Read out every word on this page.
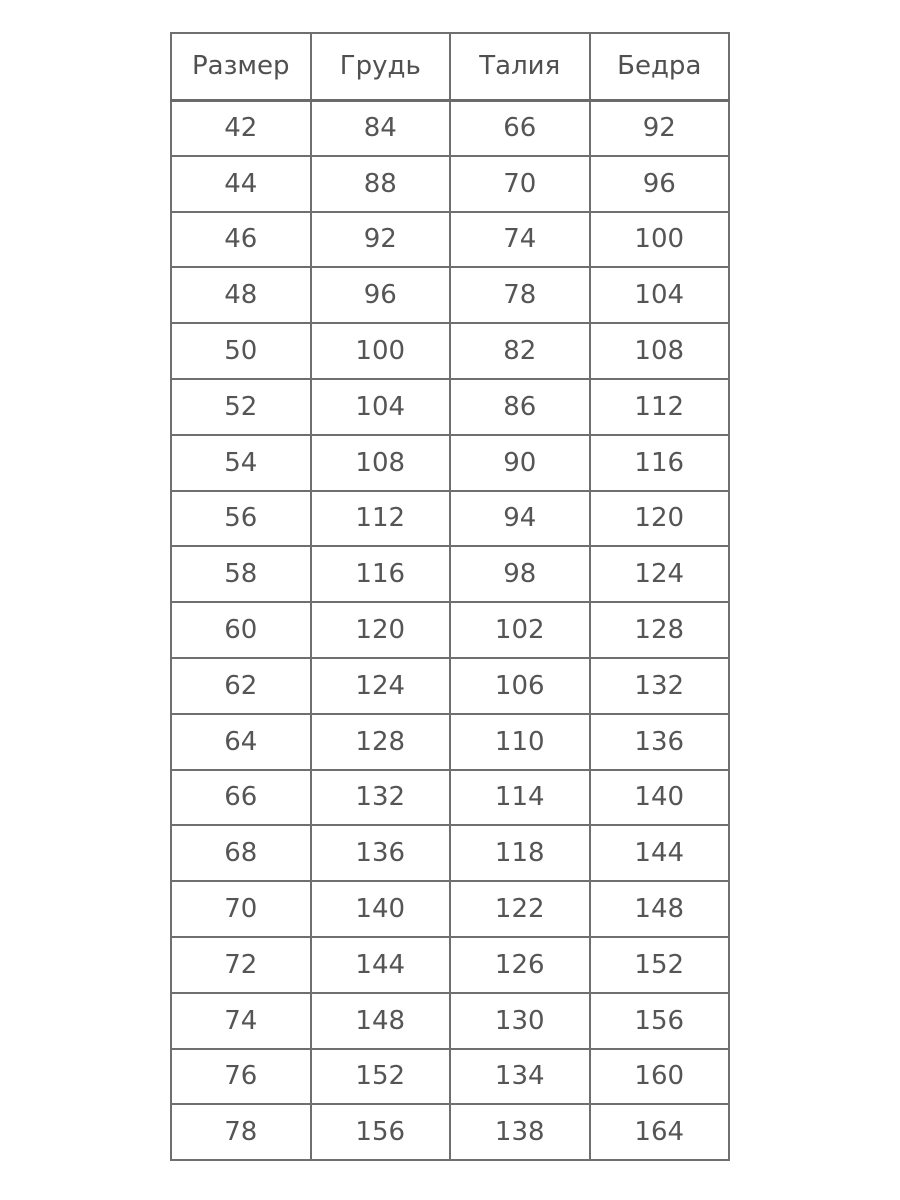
Размер	Грудь	Талия	Бедра
42	84	66	92
44	88	70	96
46	92	74	100
48	96	78	104
50	100	82	108
52	104	86	112
54	108	90	116
56	112	94	120
58	116	98	124
60	120	102	128
62	124	106	132
64	128	110	136
66	132	114	140
68	136	118	144
70	140	122	148
72	144	126	152
74	148	130	156
76	152	134	160
78	156	138	164
